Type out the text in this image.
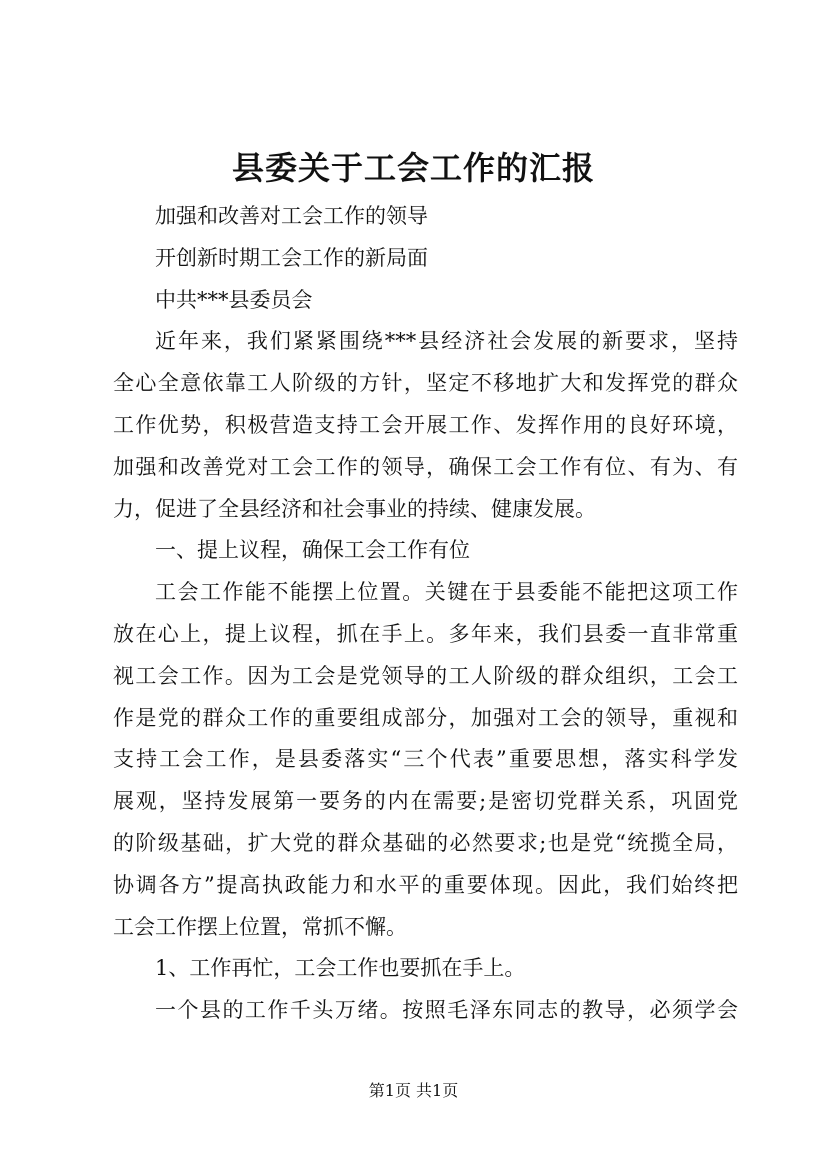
县委关于工会工作的汇报
加强和改善对工会工作的领导
开创新时期工会工作的新局面
中共***县委员会
近年来，我们紧紧围绕***县经济社会发展的新要求，坚持
全心全意依靠工人阶级的方针，坚定不移地扩大和发挥党的群众
工作优势，积极营造支持工会开展工作、发挥作用的良好环境，
加强和改善党对工会工作的领导，确保工会工作有位、有为、有
力，促进了全县经济和社会事业的持续、健康发展。
一、提上议程，确保工会工作有位
工会工作能不能摆上位置。关键在于县委能不能把这项工作
放在心上，提上议程，抓在手上。多年来，我们县委一直非常重
视工会工作。因为工会是党领导的工人阶级的群众组织，工会工
作是党的群众工作的重要组成部分，加强对工会的领导，重视和
支持工会工作，是县委落实“三个代表”重要思想，落实科学发
展观，坚持发展第一要务的内在需要;是密切党群关系，巩固党
的阶级基础，扩大党的群众基础的必然要求;也是党“统揽全局，
协调各方”提高执政能力和水平的重要体现。因此，我们始终把
工会工作摆上位置，常抓不懈。
1、工作再忙，工会工作也要抓在手上。
一个县的工作千头万绪。按照毛泽东同志的教导，必须学会
第1页 共1页
